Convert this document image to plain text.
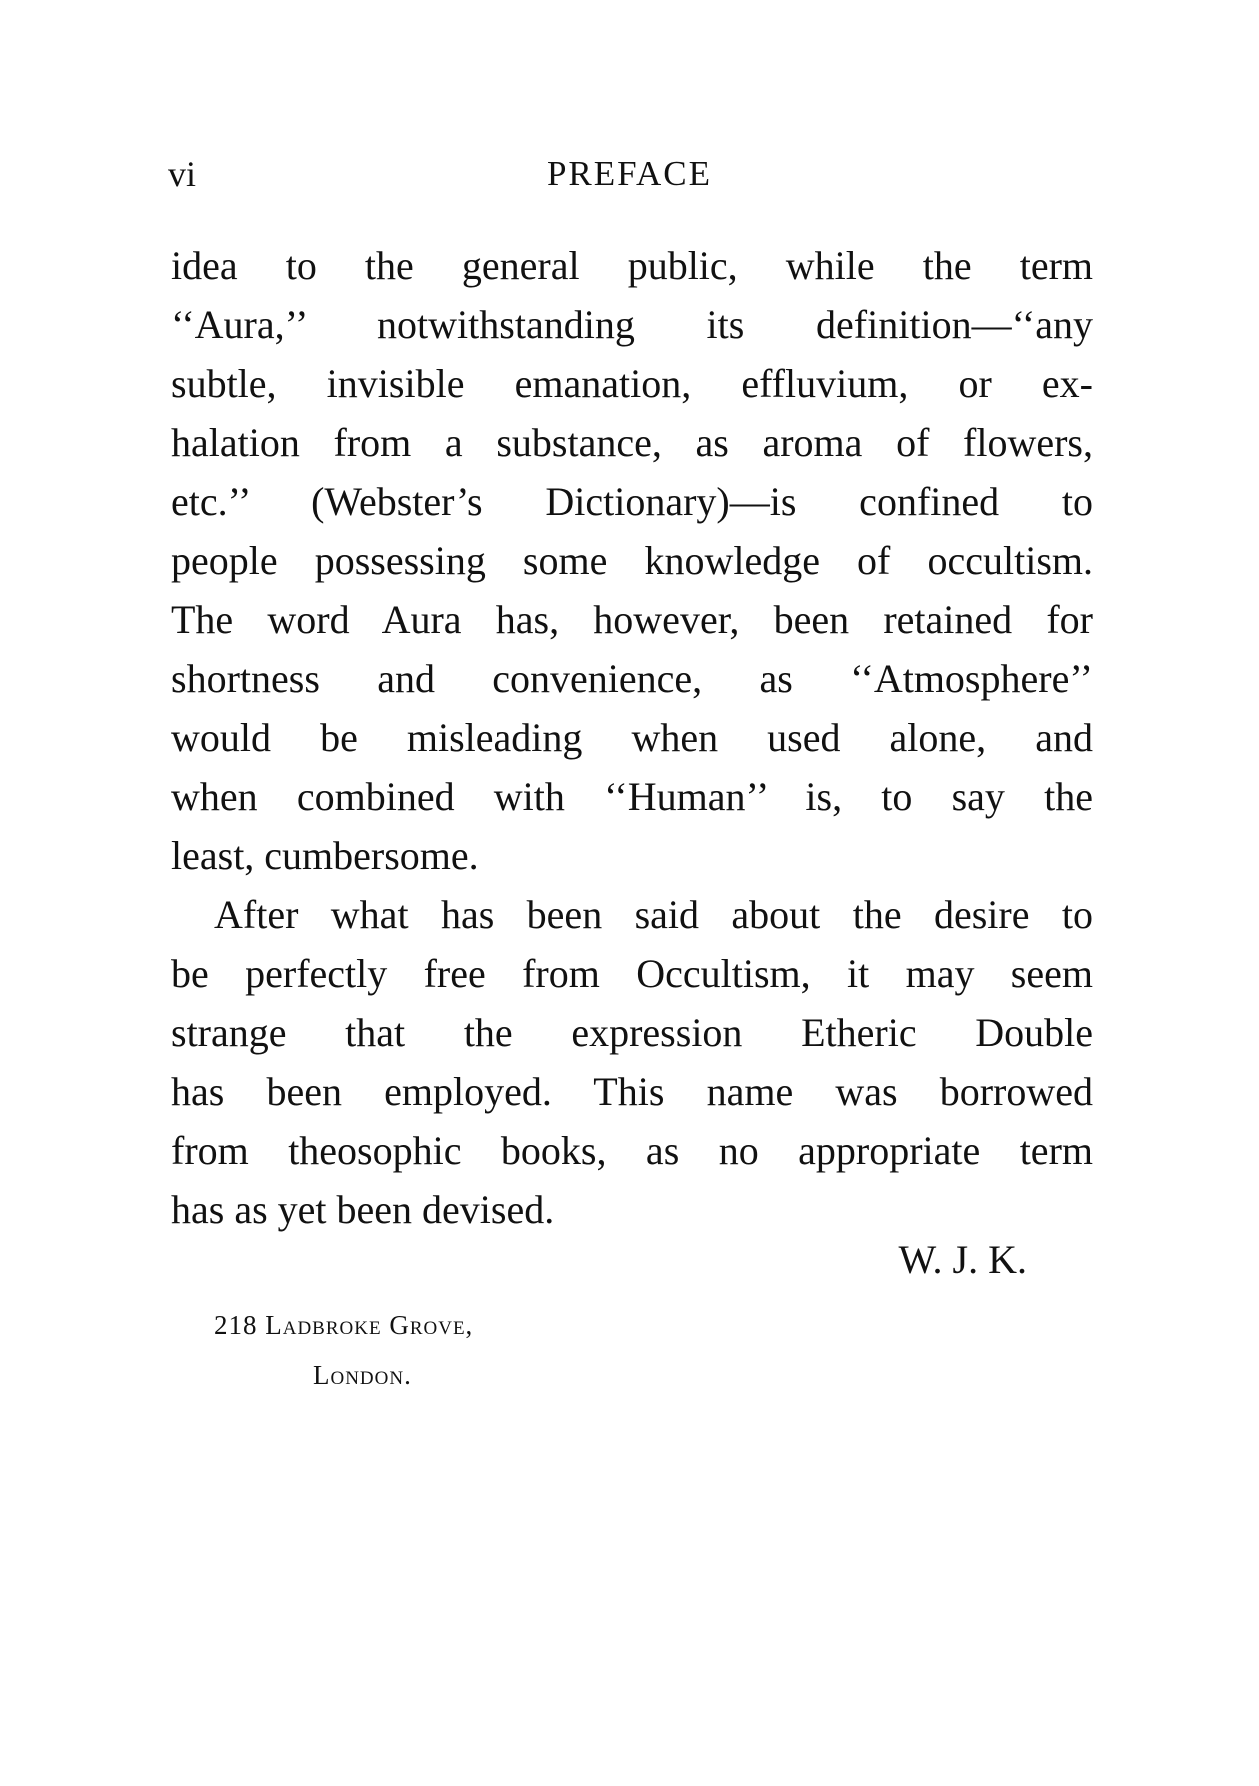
vi	PREFACE
idea to the general public, while the term
‘‘Aura,’’ notwithstanding its definition—‘‘any
subtle, invisible emanation, effluvium, or ex-
halation from a substance, as aroma of flowers,
etc.’’ (Webster’s Dictionary)—is confined to
people possessing some knowledge of occultism.
The word Aura has, however, been retained for
shortness and convenience, as ‘‘Atmosphere’’
would be misleading when used alone, and
when combined with ‘‘Human’’ is, to say the
least, cumbersome.
After what has been said about the desire to
be perfectly free from Occultism, it may seem
strange that the expression Etheric Double
has been employed. This name was borrowed
from theosophic books, as no appropriate term
has as yet been devised.
W. J. K.
218 Ladbroke Grove,
London.
